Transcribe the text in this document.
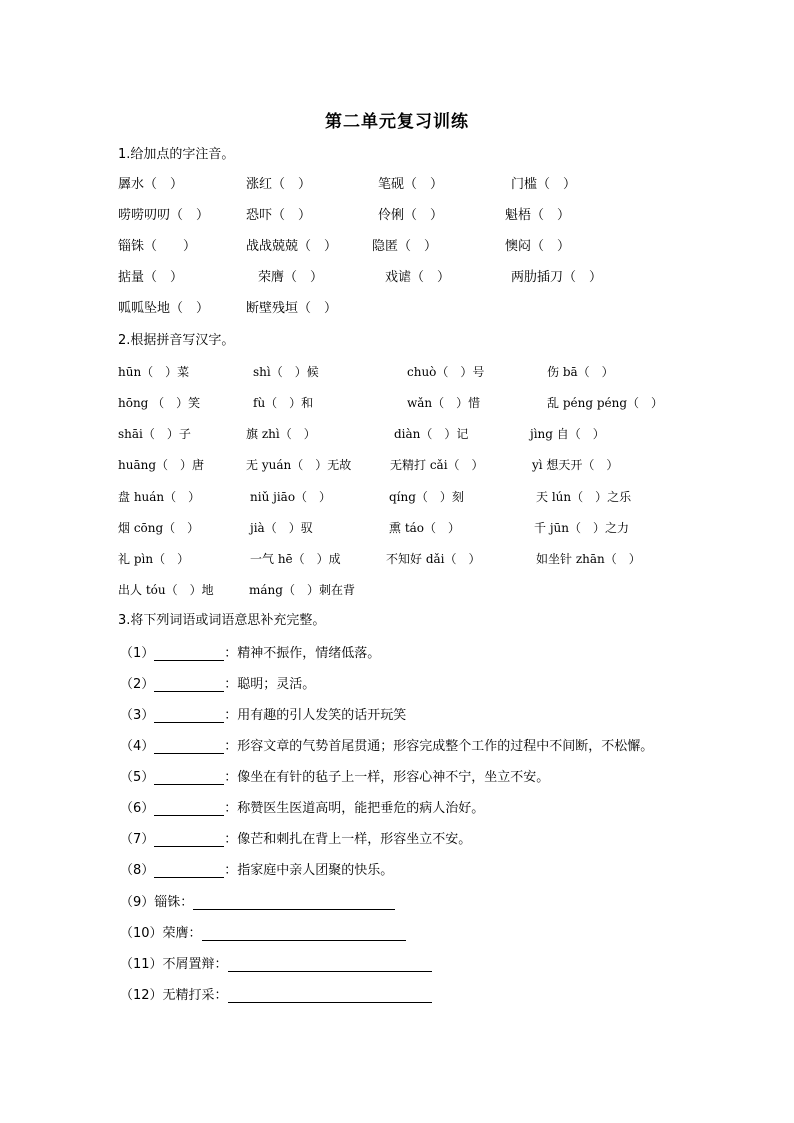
第二单元复习训练
1.给加点的字注音。
羼水（　）	涨红（　）	笔砚（　）	门槛（　）
唠唠叨叨（　）	恐吓（　）	伶俐（　）	魁梧（　）
锱铢（　　）	战战兢兢（　）	隐匿（　）	懊闷（　）
掂量（　）	荣膺（　）	戏谑（　）	两肋插刀（　）
呱呱坠地（　）	断壁残垣（　）
2.根据拼音写汉字。
hūn（　）菜	shì（　）候	chuò（　）号	伤 bā（　）
hōng （　）笑	fù（　）和	wǎn（　）惜	乱 péng péng（　）
shāi（　）子	旗 zhì（　）	diàn（　）记	jìng 自（　）
huāng（　）唐	无 yuán（　）无故	无精打 cǎi（　）	yì 想天开（　）
盘 huán（　）	niǔ jiāo（　）	qíng（　）刻	天 lún（　）之乐
烟 cōng（　）	jià（　）驭	熏 táo（　）	千 jūn（　）之力
礼 pìn（　）	一气 hē（　）成	不知好 dǎi（　）	如坐针 zhān（　）
出人 tóu（　）地	máng（　）刺在背
3.将下列词语或词语意思补充完整。
（1）	：精神不振作，情绪低落。
（2）	：聪明；灵活。
（3）	：用有趣的引人发笑的话开玩笑
（4）	：形容文章的气势首尾贯通；形容完成整个工作的过程中不间断，不松懈。
（5）	：像坐在有针的毡子上一样，形容心神不宁，坐立不安。
（6）	：称赞医生医道高明，能把垂危的病人治好。
（7）	：像芒和刺扎在背上一样，形容坐立不安。
（8）	：指家庭中亲人团聚的快乐。
（9）锱铢：
（10）荣膺：
（11）不屑置辩：
（12）无精打采：
